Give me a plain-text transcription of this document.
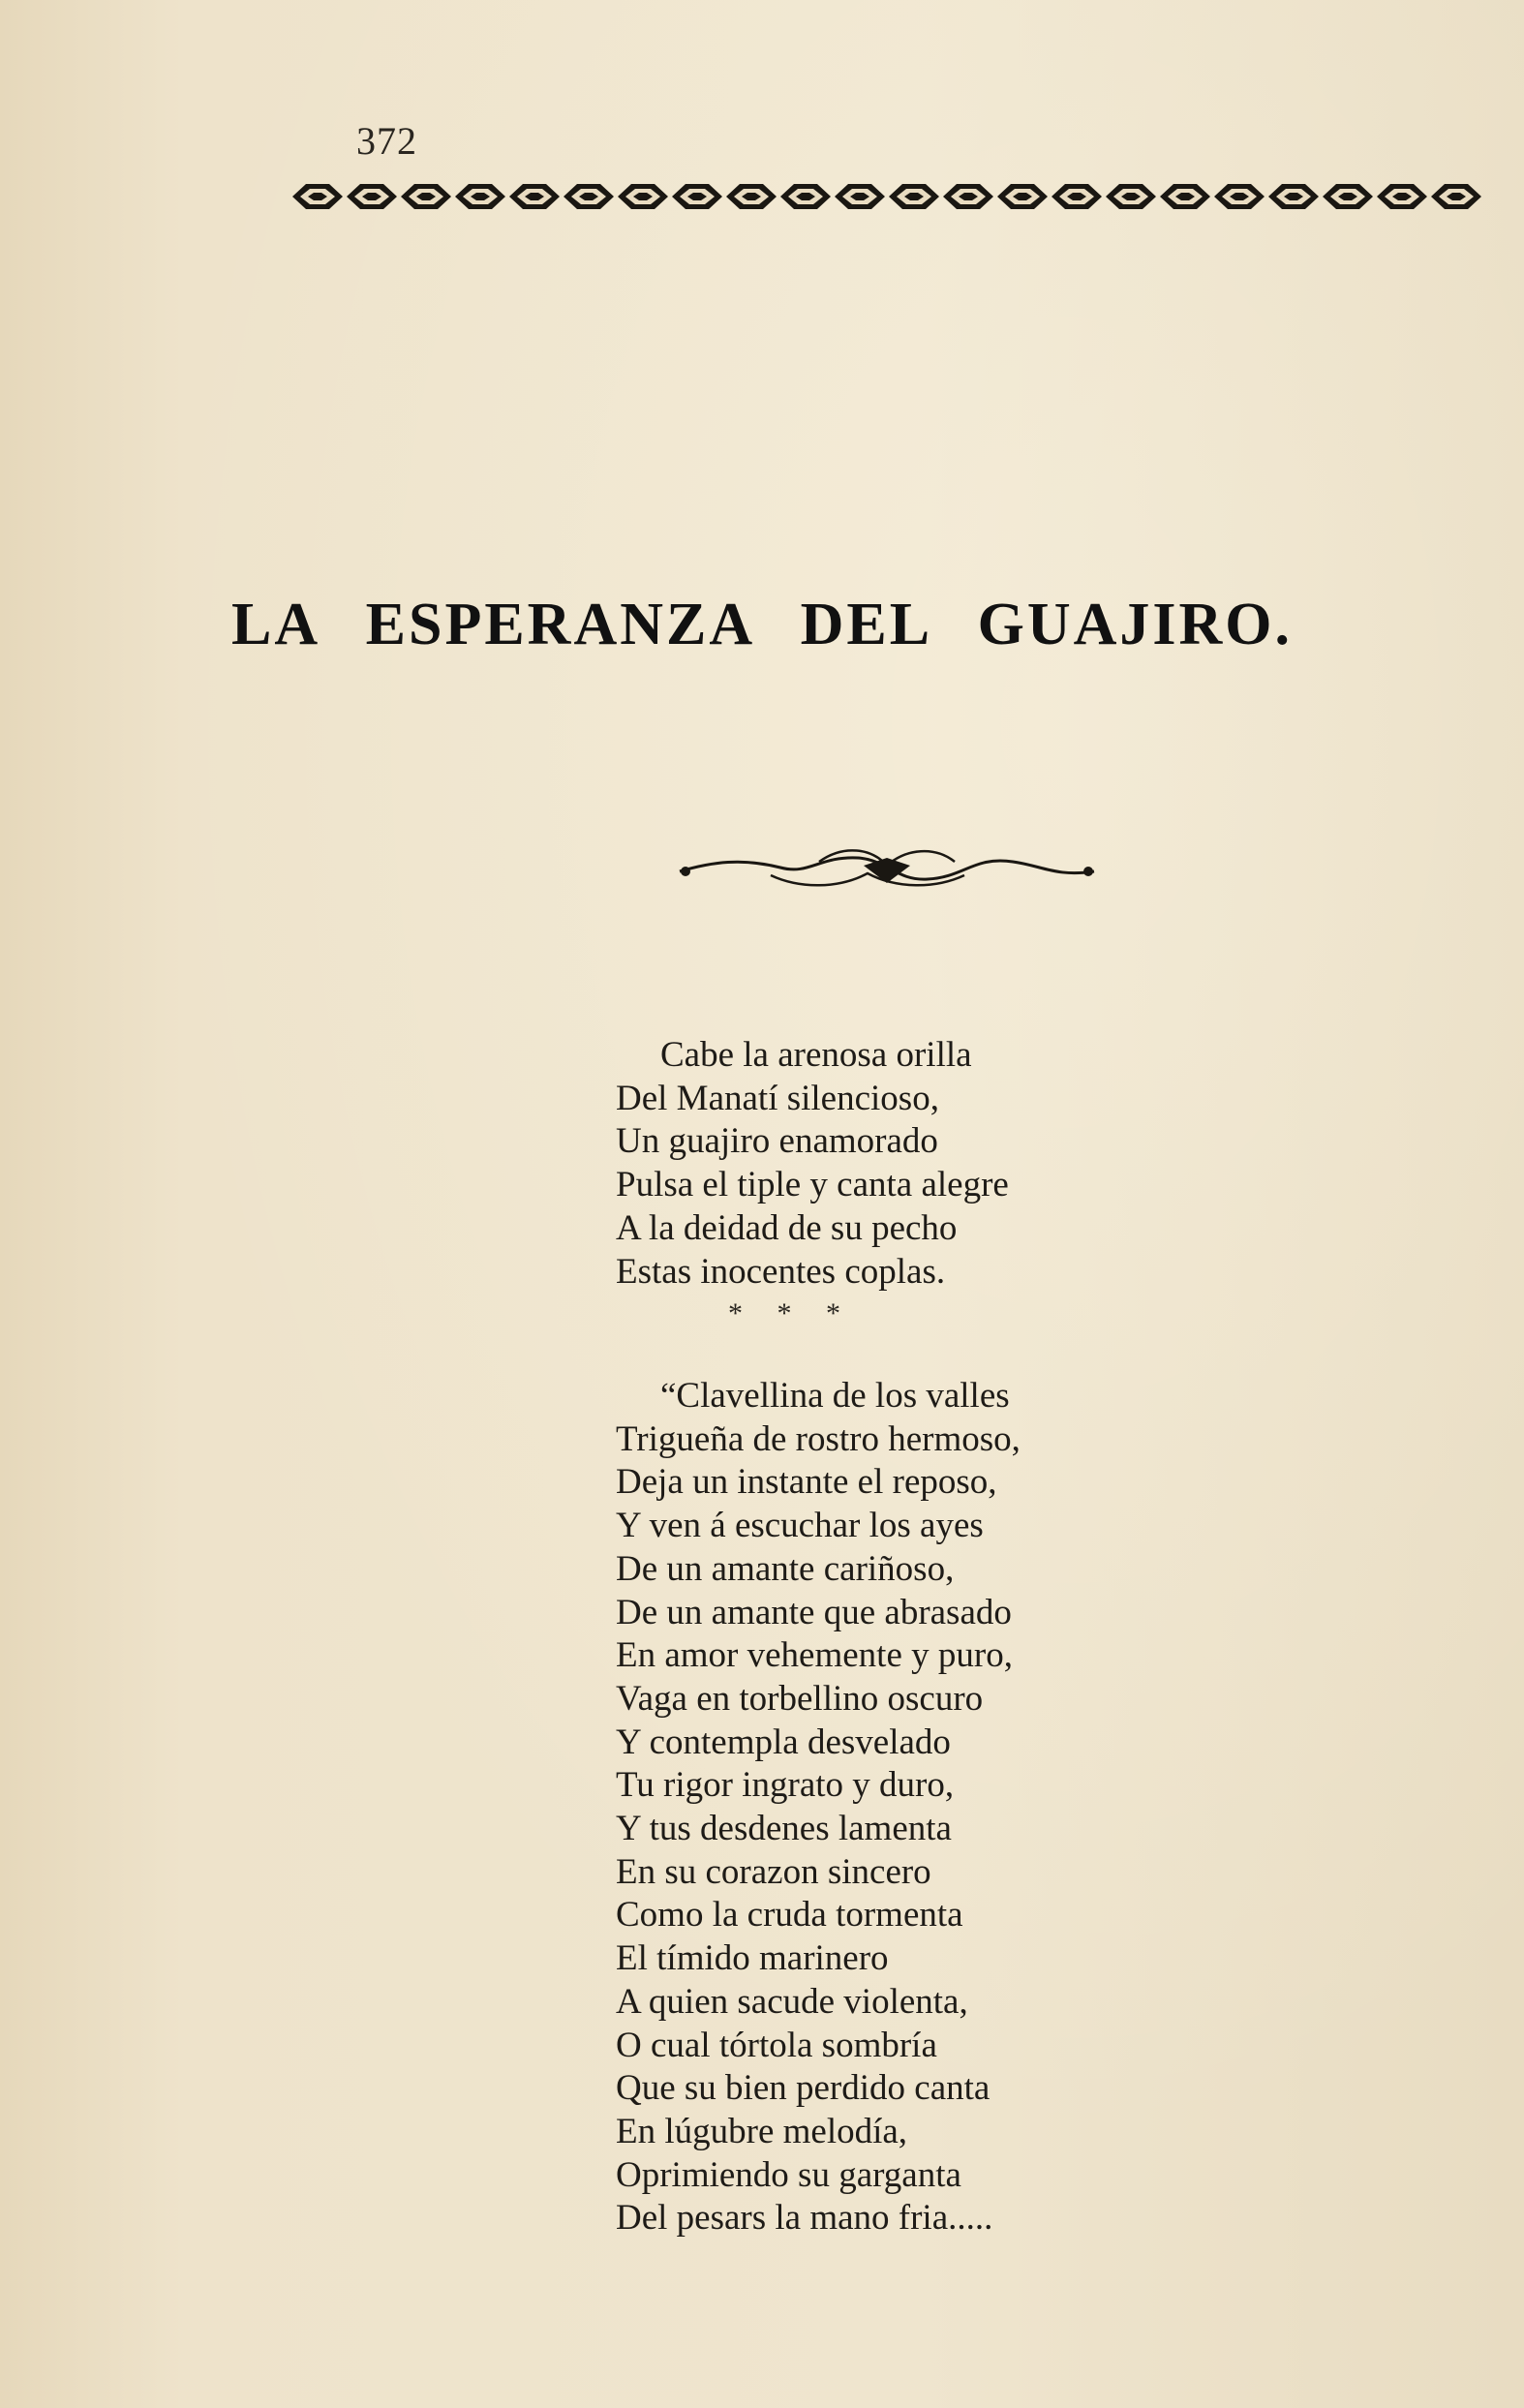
372
LA ESPERANZA DEL GUAJIRO.
Cabe la arenosa orilla
Del Manatí silencioso,
Un guajiro enamorado
Pulsa el tiple y canta alegre
A la deidad de su pecho
Estas inocentes coplas.
* * *
“Clavellina de los valles
Trigueña de rostro hermoso,
Deja un instante el reposo,
Y ven á escuchar los ayes
De un amante cariñoso,
De un amante que abrasado
En amor vehemente y puro,
Vaga en torbellino oscuro
Y contempla desvelado
Tu rigor ingrato y duro,
Y tus desdenes lamenta
En su corazon sincero
Como la cruda tormenta
El tímido marinero
A quien sacude violenta,
O cual tórtola sombría
Que su bien perdido canta
En lúgubre melodía,
Oprimiendo su garganta
Del pesars la mano fria.....
